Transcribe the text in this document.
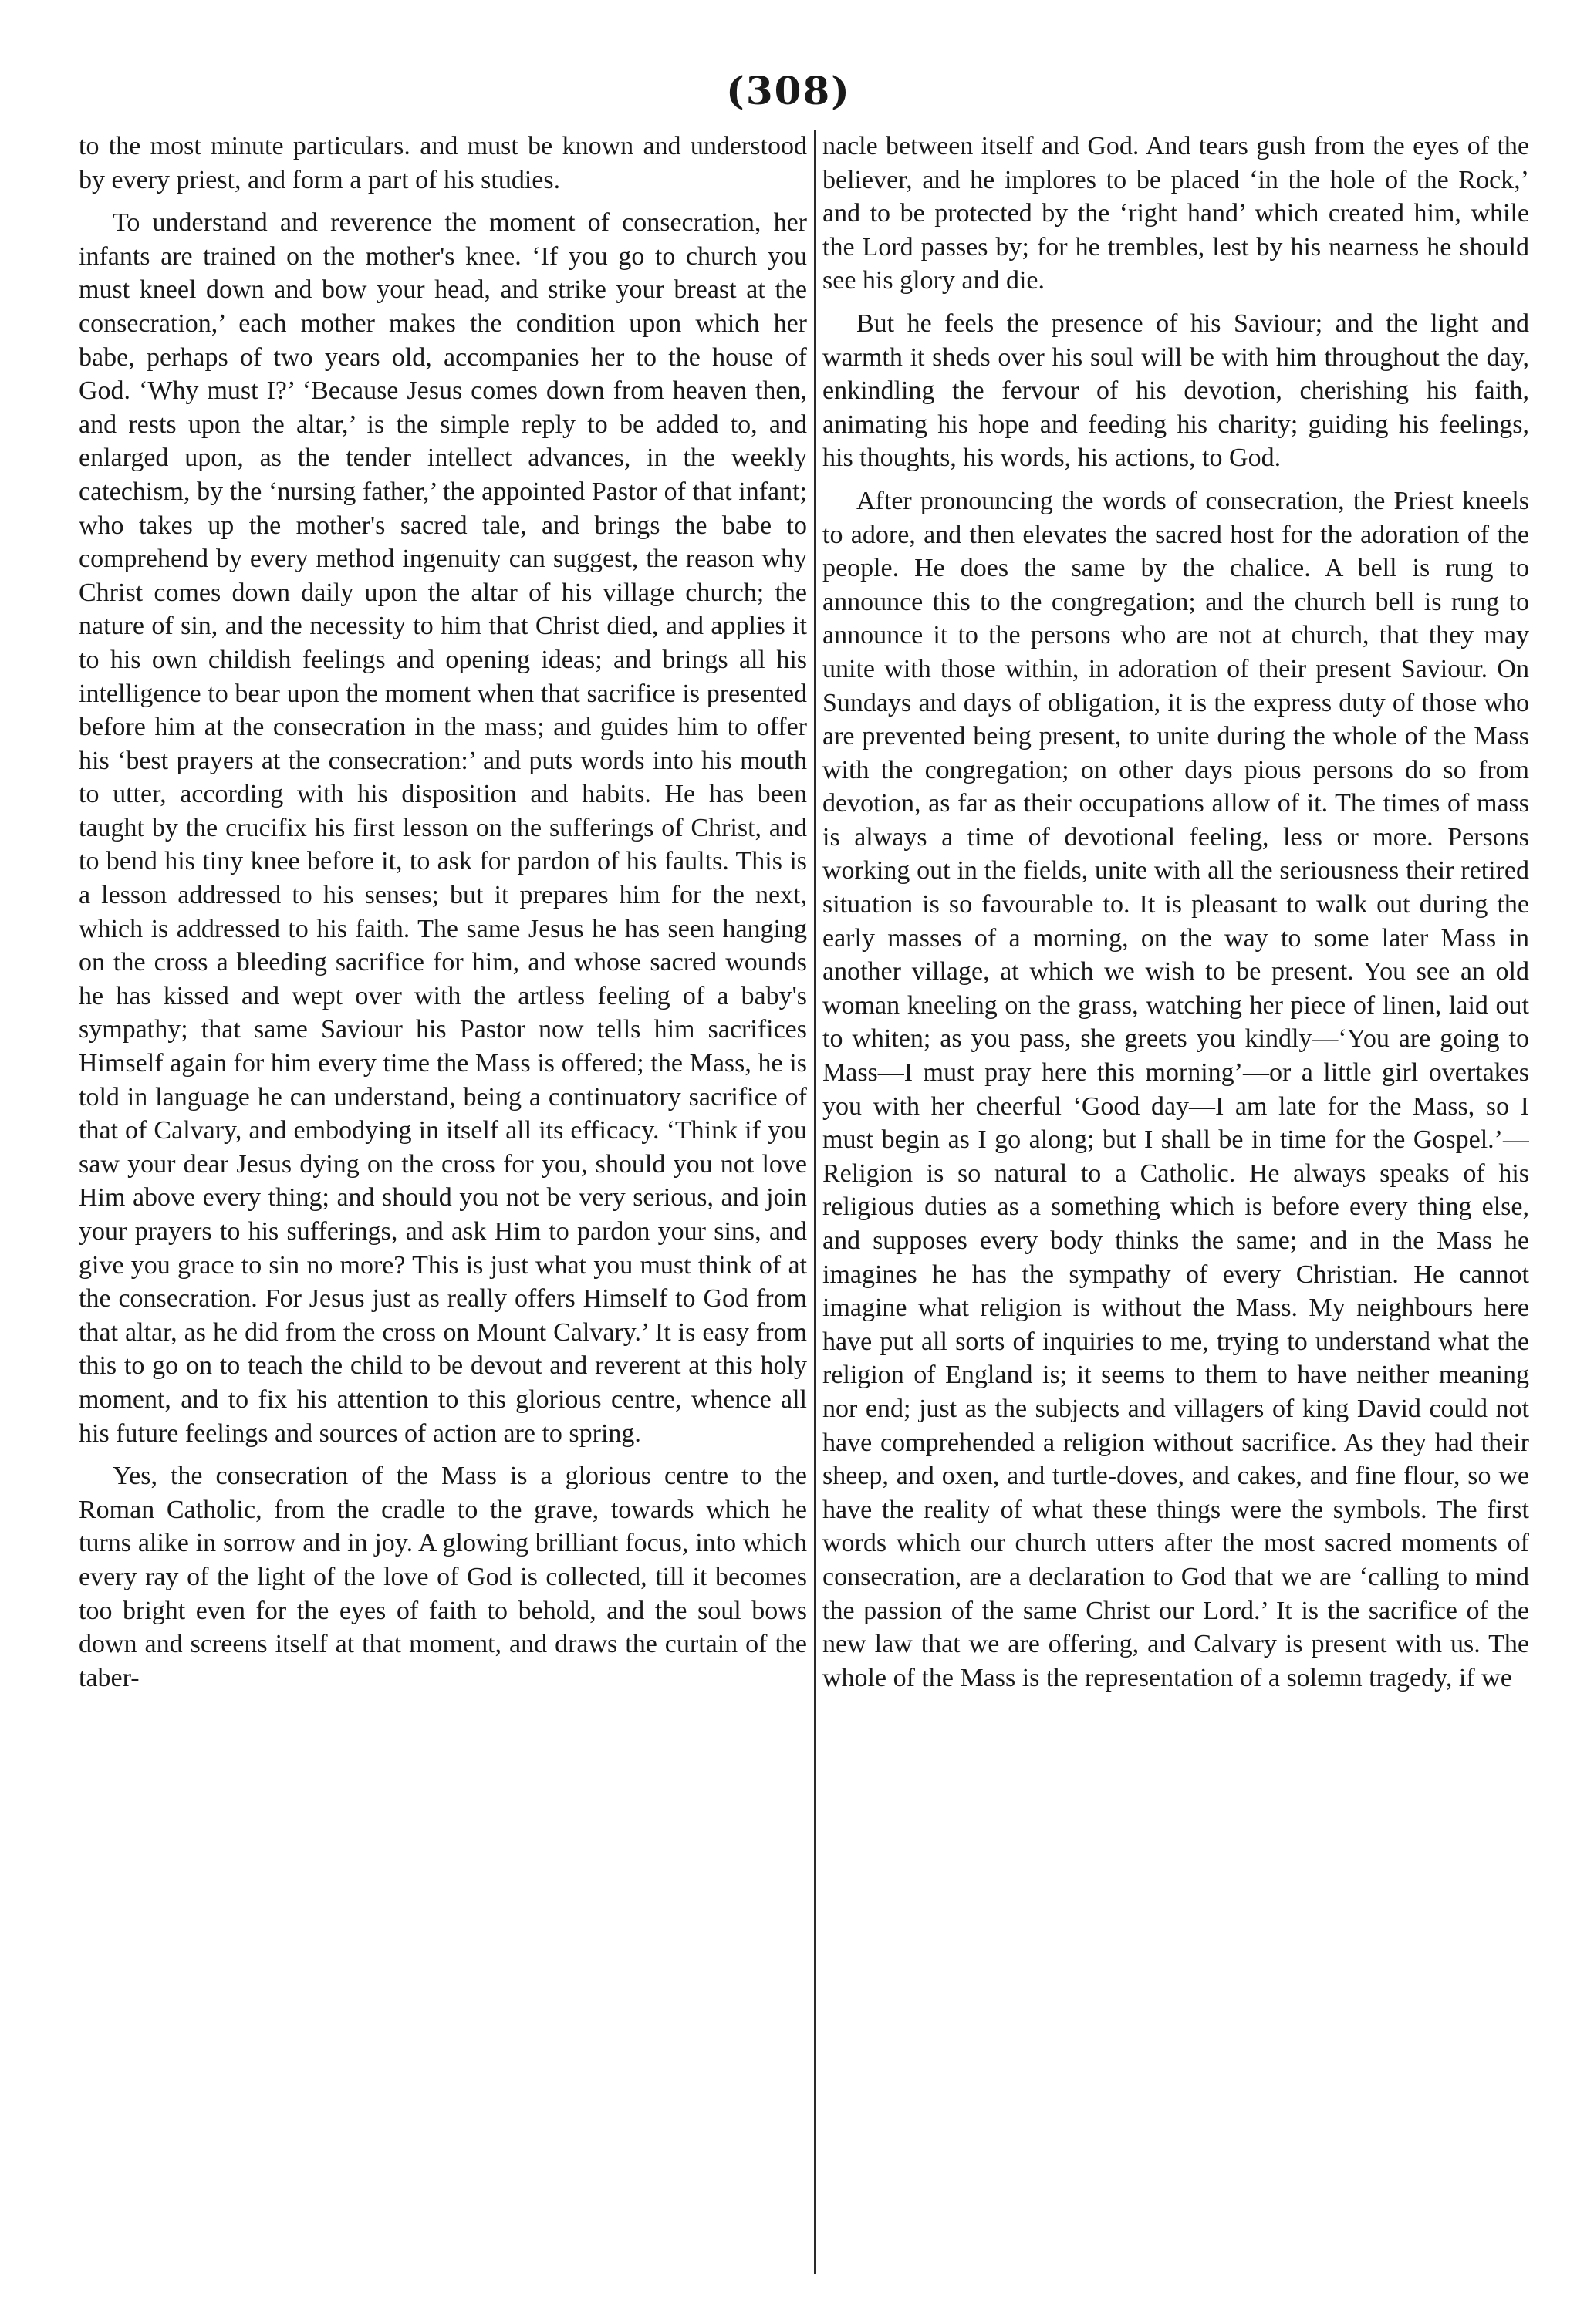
(308)

to the most minute particulars. and must be known and understood by every priest, and form a part of his studies.

To understand and reverence the moment of consecration, her infants are trained on the mother's knee. ‘If you go to church you must kneel down and bow your head, and strike your breast at the consecration,’ each mother makes the condition upon which her babe, perhaps of two years old, accompanies her to the house of God. ‘Why must I?’ ‘Because Jesus comes down from heaven then, and rests upon the altar,’ is the simple reply to be added to, and enlarged upon, as the tender intellect advances, in the weekly catechism, by the ‘nursing father,’ the appointed Pastor of that infant; who takes up the mother's sacred tale, and brings the babe to comprehend by every method ingenuity can suggest, the reason why Christ comes down daily upon the altar of his village church; the nature of sin, and the necessity to him that Christ died, and applies it to his own childish feelings and opening ideas; and brings all his intelligence to bear upon the moment when that sacrifice is presented before him at the consecration in the mass; and guides him to offer his ‘best prayers at the consecration:’ and puts words into his mouth to utter, according with his disposition and habits. He has been taught by the crucifix his first lesson on the sufferings of Christ, and to bend his tiny knee before it, to ask for pardon of his faults. This is a lesson addressed to his senses; but it prepares him for the next, which is addressed to his faith. The same Jesus he has seen hanging on the cross a bleeding sacrifice for him, and whose sacred wounds he has kissed and wept over with the artless feeling of a baby's sympathy; that same Saviour his Pastor now tells him sacrifices Himself again for him every time the Mass is offered; the Mass, he is told in language he can understand, being a continuatory sacrifice of that of Calvary, and embodying in itself all its efficacy. ‘Think if you saw your dear Jesus dying on the cross for you, should you not love Him above every thing; and should you not be very serious, and join your prayers to his sufferings, and ask Him to pardon your sins, and give you grace to sin no more? This is just what you must think of at the consecration. For Jesus just as really offers Himself to God from that altar, as he did from the cross on Mount Calvary.’ It is easy from this to go on to teach the child to be devout and reverent at this holy moment, and to fix his attention to this glorious centre, whence all his future feelings and sources of action are to spring.

Yes, the consecration of the Mass is a glorious centre to the Roman Catholic, from the cradle to the grave, towards which he turns alike in sorrow and in joy. A glowing brilliant focus, into which every ray of the light of the love of God is collected, till it becomes too bright even for the eyes of faith to behold, and the soul bows down and screens itself at that moment, and draws the curtain of the taber-

nacle between itself and God. And tears gush from the eyes of the believer, and he implores to be placed ‘in the hole of the Rock,’ and to be protected by the ‘right hand’ which created him, while the Lord passes by; for he trembles, lest by his nearness he should see his glory and die.

But he feels the presence of his Saviour; and the light and warmth it sheds over his soul will be with him throughout the day, enkindling the fervour of his devotion, cherishing his faith, animating his hope and feeding his charity; guiding his feelings, his thoughts, his words, his actions, to God.

After pronouncing the words of consecration, the Priest kneels to adore, and then elevates the sacred host for the adoration of the people. He does the same by the chalice. A bell is rung to announce this to the congregation; and the church bell is rung to announce it to the persons who are not at church, that they may unite with those within, in adoration of their present Saviour. On Sundays and days of obligation, it is the express duty of those who are prevented being present, to unite during the whole of the Mass with the congregation; on other days pious persons do so from devotion, as far as their occupations allow of it. The times of mass is always a time of devotional feeling, less or more. Persons working out in the fields, unite with all the seriousness their retired situation is so favourable to. It is pleasant to walk out during the early masses of a morning, on the way to some later Mass in another village, at which we wish to be present. You see an old woman kneeling on the grass, watching her piece of linen, laid out to whiten; as you pass, she greets you kindly—‘You are going to Mass—I must pray here this morning’—or a little girl overtakes you with her cheerful ‘Good day—I am late for the Mass, so I must begin as I go along; but I shall be in time for the Gospel.’—Religion is so natural to a Catholic. He always speaks of his religious duties as a something which is before every thing else, and supposes every body thinks the same; and in the Mass he imagines he has the sympathy of every Christian. He cannot imagine what religion is without the Mass. My neighbours here have put all sorts of inquiries to me, trying to understand what the religion of England is; it seems to them to have neither meaning nor end; just as the subjects and villagers of king David could not have comprehended a religion without sacrifice. As they had their sheep, and oxen, and turtle-doves, and cakes, and fine flour, so we have the reality of what these things were the symbols. The first words which our church utters after the most sacred moments of consecration, are a declaration to God that we are ‘calling to mind the passion of the same Christ our Lord.’ It is the sacrifice of the new law that we are offering, and Calvary is present with us. The whole of the Mass is the representation of a solemn tragedy, if we
